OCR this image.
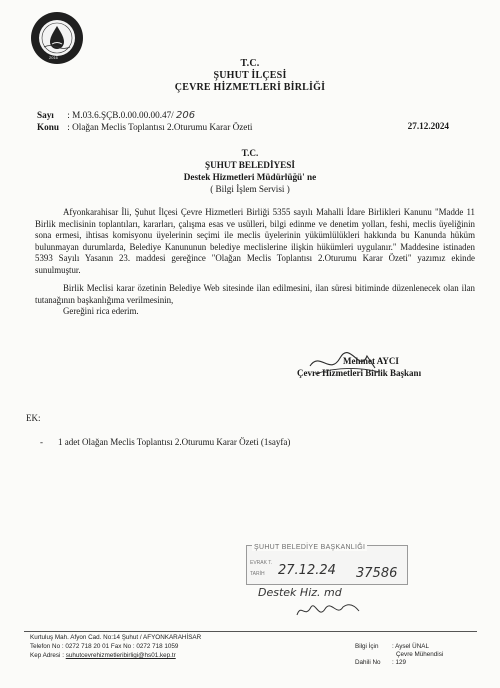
2016
T.C.
ŞUHUT İLÇESİ
ÇEVRE HİZMETLERİ BİRLİĞİ
Sayı : M.03.6.ŞÇB.0.00.00.00.47/ 206
Konu : Olağan Meclis Toplantısı 2.Oturumu Karar Özeti	27.12.2024
T.C.
ŞUHUT BELEDİYESİ
Destek Hizmetleri Müdürlüğü' ne
( Bilgi İşlem Servisi )
Afyonkarahisar İli, Şuhut İlçesi Çevre Hizmetleri Birliği 5355 sayılı Mahalli İdare Birlikleri Kanunu "Madde 11 Birlik meclisinin toplantıları, kararları, çalışma esas ve usülleri, bilgi edinme ve denetim yolları, feshi, meclis üyeliğinin sona ermesi, ihtisas komisyonu üyelerinin seçimi ile meclis üyelerinin yükümlülükleri hakkında bu Kanunda hüküm bulunmayan durumlarda, Belediye Kanununun belediye meclislerine ilişkin hükümleri uygulanır." Maddesine istinaden 5393 Sayılı Yasanın 23. maddesi gereğince "Olağan Meclis Toplantısı 2.Oturumu Karar Özeti" yazımız ekinde sunulmuştur.
Birlik Meclisi karar özetinin Belediye Web sitesinde ilan edilmesini, ilan süresi bitiminde düzenlenecek olan ilan tutanağının başkanlığıma verilmesinin,
Gereğini rica ederim.
Mehmet AYCI
Çevre Hizmetleri Birlik Başkanı
EK:
- 1 adet Olağan Meclis Toplantısı 2.Oturumu Karar Özeti (1sayfa)
ŞUHUT BELEDİYE BAŞKANLIĞI
EVRAK T.
TARİH 27.12.24 37586
Destek Hiz. md
Kurtuluş Mah. Afyon Cad. No:14 Şuhut / AFYONKARAHİSAR
Telefon No : 0272 718 20 01 Fax No : 0272 718 1059
Kep Adresi : suhutcevrehizmetleribirligi@hs01.kep.tr
Bilgi İçin : Aysel ÜNAL
Çevre Mühendisi
Dahili No : 129
